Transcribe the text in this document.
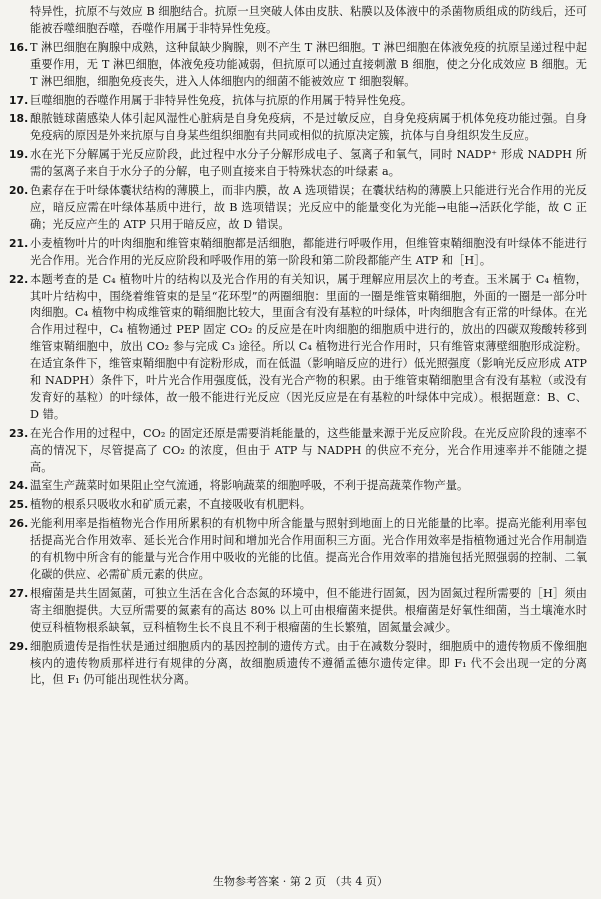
特异性，抗原不与效应 B 细胞结合。抗原一旦突破人体由皮肤、粘膜以及体液中的杀菌物质组成的防线后，还可能被吞噬细胞吞噬，吞噬作用属于非特异性免疫。

16. T 淋巴细胞在胸腺中成熟，这种鼠缺少胸腺，则不产生 T 淋巴细胞。T 淋巴细胞在体液免疫的抗原呈递过程中起重要作用，无 T 淋巴细胞，体液免疫功能减弱，但抗原可以通过直接刺激 B 细胞，使之分化成效应 B 细胞。无 T 淋巴细胞，细胞免疫丧失，进入人体细胞内的细菌不能被效应 T 细胞裂解。

17. 巨噬细胞的吞噬作用属于非特异性免疫，抗体与抗原的作用属于特异性免疫。

18. 酿脓链球菌感染人体引起风湿性心脏病是自身免疫病，不是过敏反应，自身免疫病属于机体免疫功能过强。自身免疫病的原因是外来抗原与自身某些组织细胞有共同或相似的抗原决定簇，抗体与自身组织发生反应。

19. 水在光下分解属于光反应阶段，此过程中水分子分解形成电子、氢离子和氧气，同时 NADP⁺ 形成 NADPH 所需的氢离子来自于水分子的分解，电子则直接来自于特殊状态的叶绿素 a。

20. 色素存在于叶绿体囊状结构的薄膜上，而非内膜，故 A 选项错误；在囊状结构的薄膜上只能进行光合作用的光反应，暗反应需在叶绿体基质中进行，故 B 选项错误；光反应中的能量变化为光能→电能→活跃化学能，故 C 正确；光反应产生的 ATP 只用于暗反应，故 D 错误。

21. 小麦植物叶片的叶肉细胞和维管束鞘细胞都是活细胞，都能进行呼吸作用，但维管束鞘细胞没有叶绿体不能进行光合作用。光合作用的光反应阶段和呼吸作用的第一阶段和第二阶段都能产生 ATP 和［H］。

22. 本题考查的是 C₄ 植物叶片的结构以及光合作用的有关知识，属于理解应用层次上的考查。玉米属于 C₄ 植物，其叶片结构中，围绕着维管束的是呈“花环型”的两圈细胞：里面的一圈是维管束鞘细胞，外面的一圈是一部分叶肉细胞。C₄ 植物中构成维管束的鞘细胞比较大，里面含有没有基粒的叶绿体，叶肉细胞含有正常的叶绿体。在光合作用过程中，C₄ 植物通过 PEP 固定 CO₂ 的反应是在叶肉细胞的细胞质中进行的，放出的四碳双羧酸转移到维管束鞘细胞中，放出 CO₂ 参与完成 C₃ 途径。所以 C₄ 植物进行光合作用时，只有维管束薄壁细胞形成淀粉。在适宜条件下，维管束鞘细胞中有淀粉形成，而在低温（影响暗反应的进行）低光照强度（影响光反应形成 ATP 和 NADPH）条件下，叶片光合作用强度低，没有光合产物的积累。由于维管束鞘细胞里含有没有基粒（或没有发育好的基粒）的叶绿体，故一般不能进行光反应（因光反应是在有基粒的叶绿体中完成）。根据题意：B、C、D 错。

23. 在光合作用的过程中，CO₂ 的固定还原是需要消耗能量的，这些能量来源于光反应阶段。在光反应阶段的速率不高的情况下，尽管提高了 CO₂ 的浓度，但由于 ATP 与 NADPH 的供应不充分，光合作用速率并不能随之提高。

24. 温室生产蔬菜时如果阻止空气流通，将影响蔬菜的细胞呼吸，不利于提高蔬菜作物产量。

25. 植物的根系只吸收水和矿质元素，不直接吸收有机肥料。

26. 光能利用率是指植物光合作用所累积的有机物中所含能量与照射到地面上的日光能量的比率。提高光能利用率包括提高光合作用效率、延长光合作用时间和增加光合作用面积三方面。光合作用效率是指植物通过光合作用制造的有机物中所含有的能量与光合作用中吸收的光能的比值。提高光合作用效率的措施包括光照强弱的控制、二氧化碳的供应、必需矿质元素的供应。

27. 根瘤菌是共生固氮菌，可独立生活在含化合态氮的环境中，但不能进行固氮，因为固氮过程所需要的［H］须由寄主细胞提供。大豆所需要的氮素有的高达 80% 以上可由根瘤菌来提供。根瘤菌是好氧性细菌，当土壤淹水时使豆科植物根系缺氧，豆科植物生长不良且不利于根瘤菌的生长繁殖，固氮量会减少。

29. 细胞质遗传是指性状是通过细胞质内的基因控制的遗传方式。由于在减数分裂时，细胞质中的遗传物质不像细胞核内的遗传物质那样进行有规律的分离，故细胞质遗传不遵循孟德尔遗传定律。即 F₁ 代不会出现一定的分离比，但 F₁ 仍可能出现性状分离。

生物参考答案 · 第 2 页 （共 4 页）
